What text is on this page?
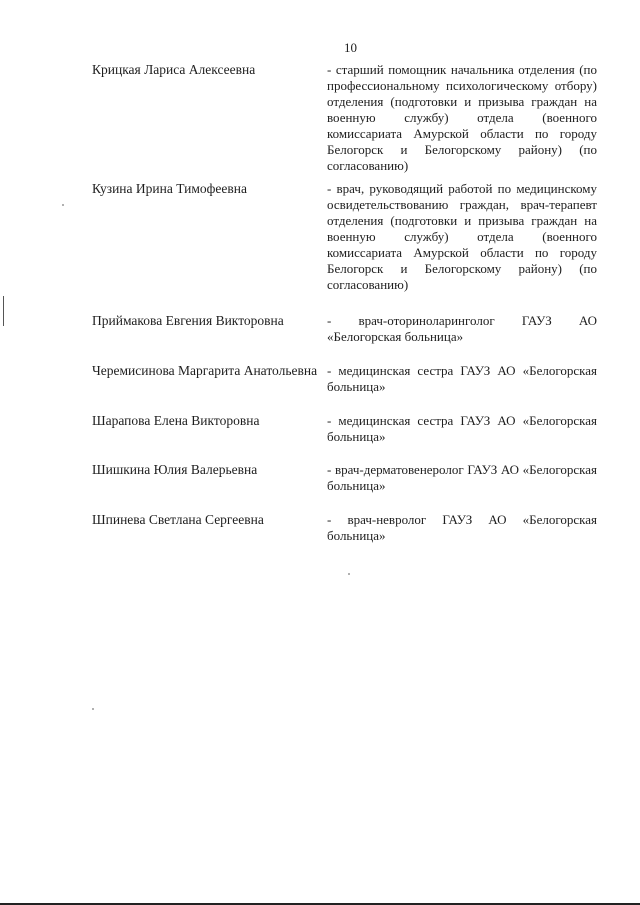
10
Крицкая Лариса Алексеевна	- старший помощник начальника отделения (по профессиональному психологическому отбору) отделения (подготовки и призыва граждан на военную службу) отдела (военного комиссариата Амурской области по городу Белогорск и Белогорскому району) (по согласованию)
Кузина Ирина Тимофеевна	- врач, руководящий работой по медицинскому освидетельствованию граждан, врач-терапевт отделения (подготовки и призыва граждан на военную службу) отдела (военного комиссариата Амурской области по городу Белогорск и Белогорскому району) (по согласованию)
Приймакова Евгения Викторовна	- врач-оториноларинголог ГАУЗ АО «Белогорская больница»
Черемисинова Маргарита Анатольевна - медицинская сестра ГАУЗ АО «Белогорская больница»
Шарапова Елена Викторовна	- медицинская сестра ГАУЗ АО «Белогорская больница»
Шишкина Юлия Валерьевна	- врач-дерматовенеролог ГАУЗ АО «Белогорская больница»
Шпинева Светлана Сергеевна	- врач-невролог ГАУЗ АО «Белогорская больница»
